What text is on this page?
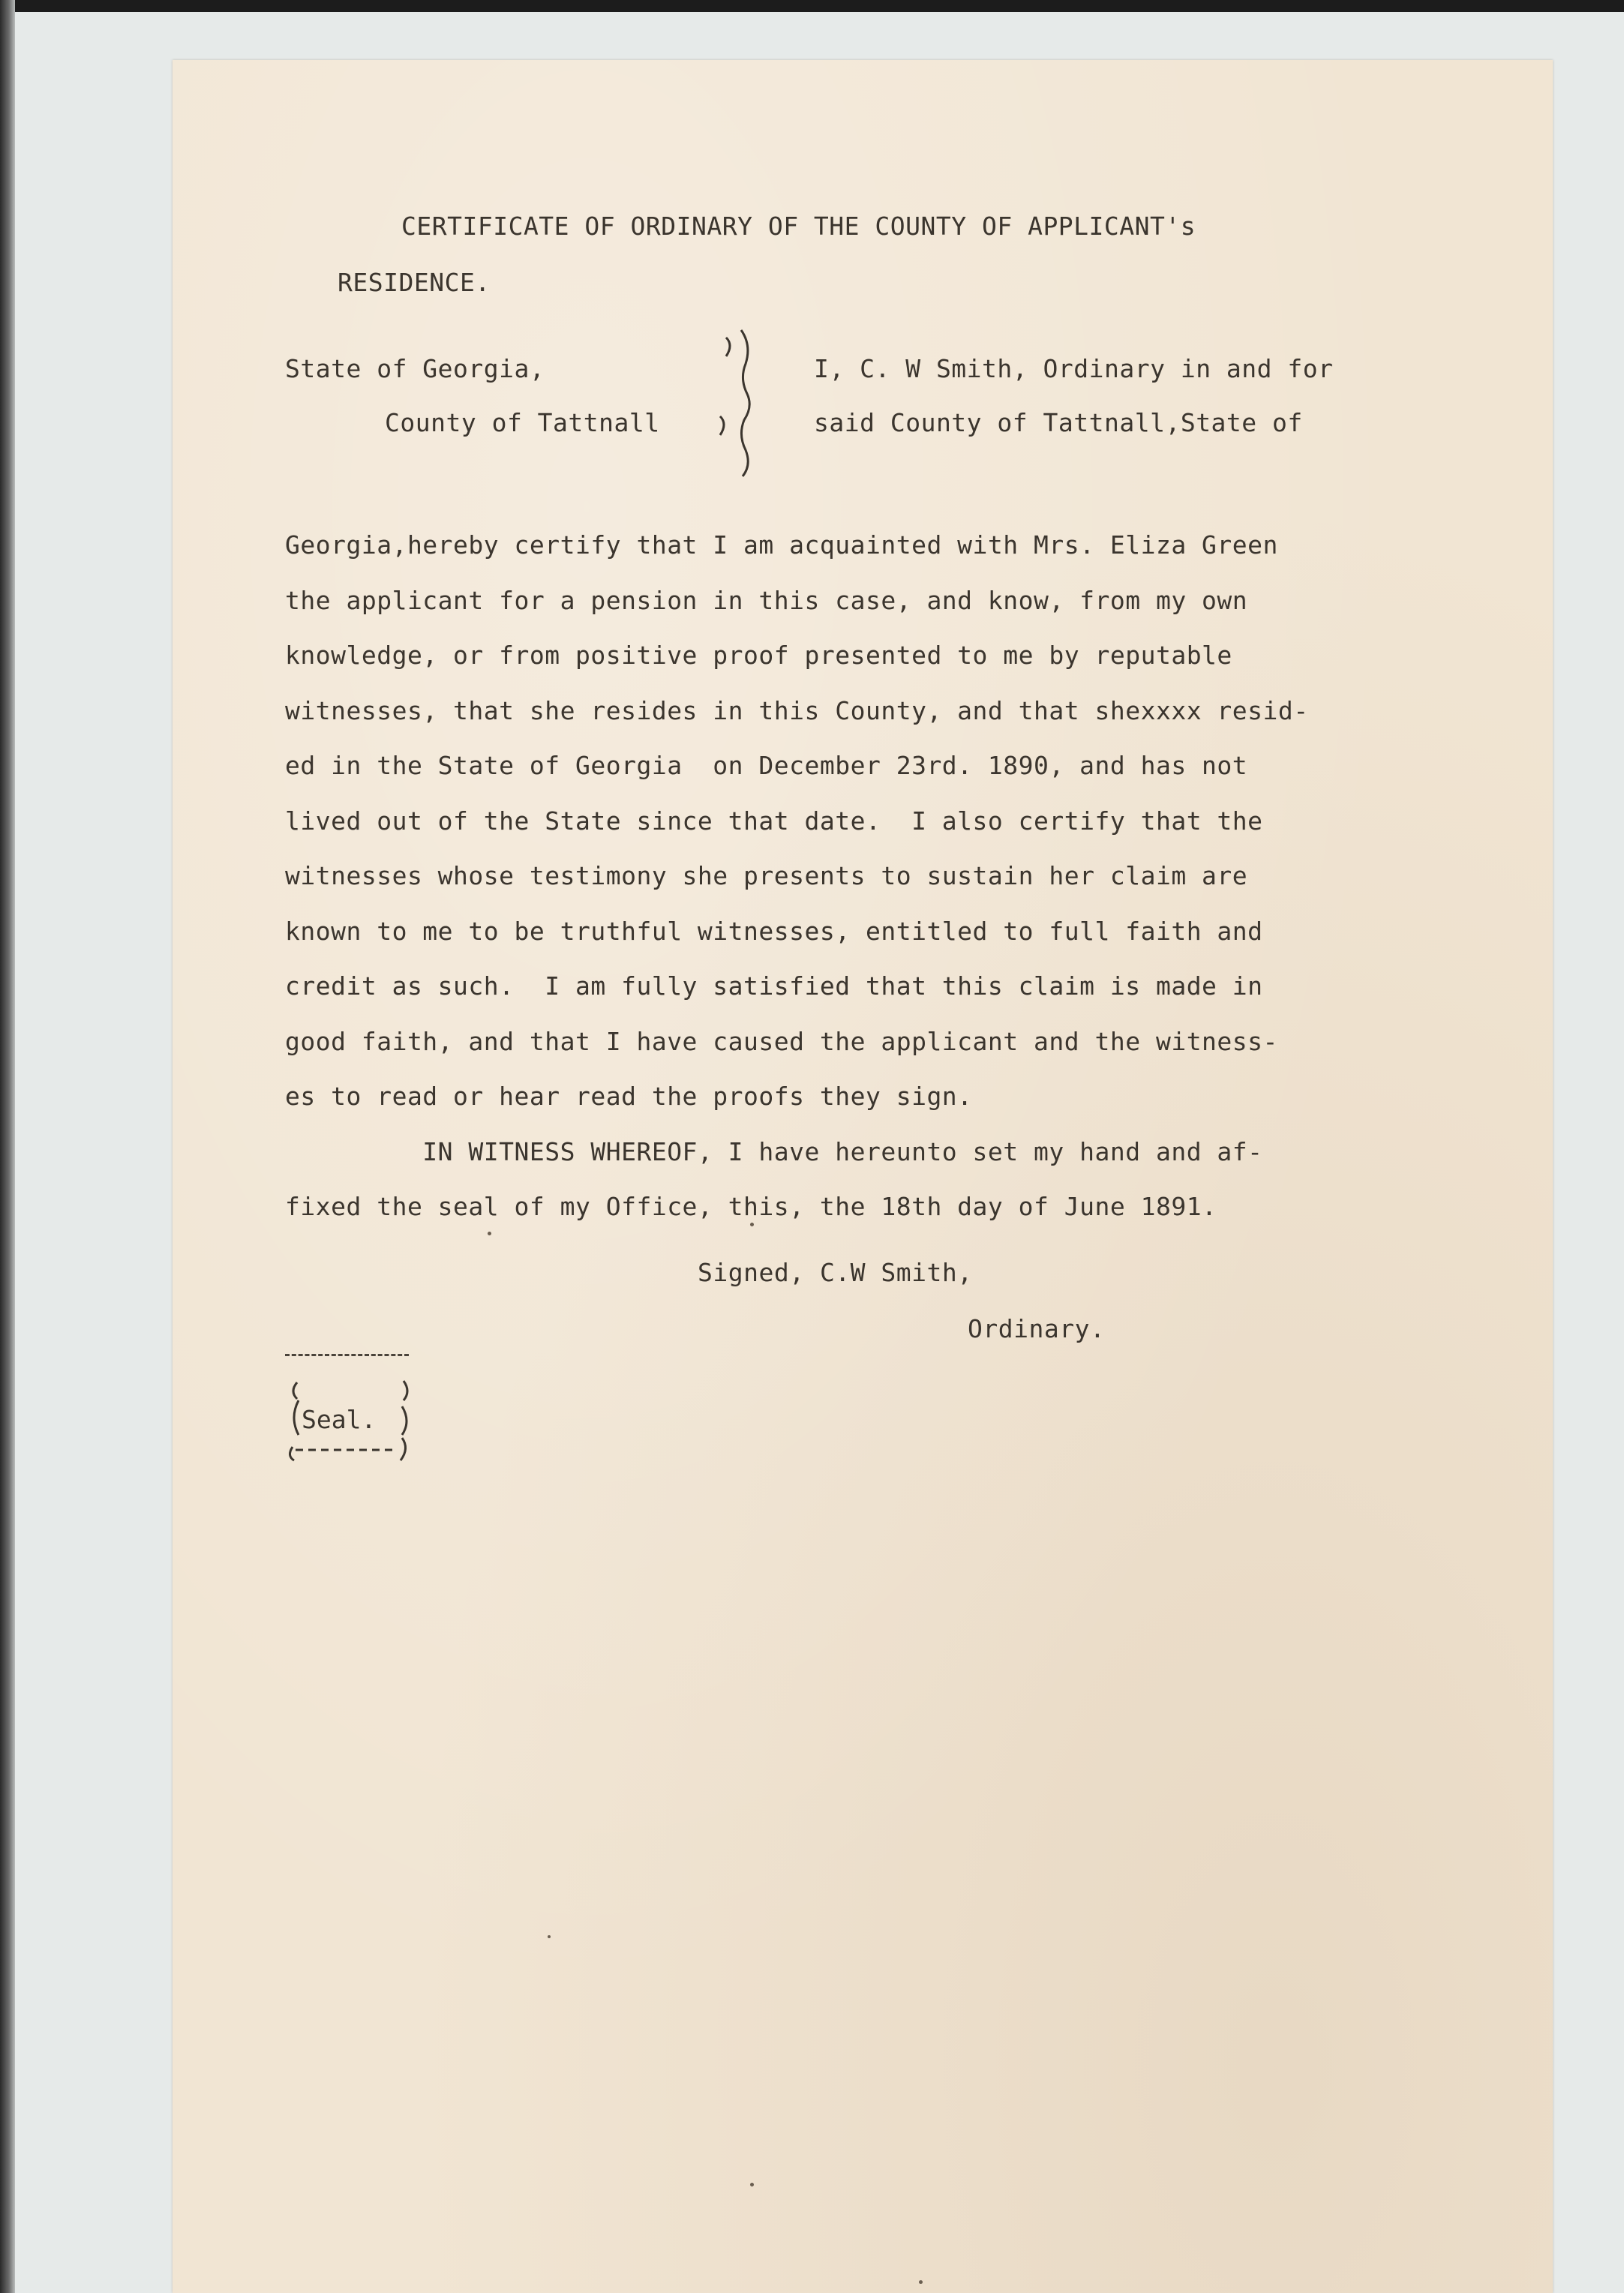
CERTIFICATE OF ORDINARY OF THE COUNTY OF APPLICANT's
RESIDENCE.
State of Georgia,
County of Tattnall
I, C. W Smith, Ordinary in and for
said County of Tattnall,State of
Georgia,hereby certify that I am acquainted with Mrs. Eliza Green
the applicant for a pension in this case, and know, from my own
knowledge, or from positive proof presented to me by reputable
witnesses, that she resides in this County, and that shexxxx resid-
ed in the State of Georgia  on December 23rd. 1890, and has not
lived out of the State since that date.  I also certify that the
witnesses whose testimony she presents to sustain her claim are
known to me to be truthful witnesses, entitled to full faith and
credit as such.  I am fully satisfied that this claim is made in
good faith, and that I have caused the applicant and the witness-
es to read or hear read the proofs they sign.
IN WITNESS WHEREOF, I have hereunto set my hand and af-
fixed the seal of my Office, this, the 18th day of June 1891.
Signed, C.W Smith,
Ordinary.
Seal.
